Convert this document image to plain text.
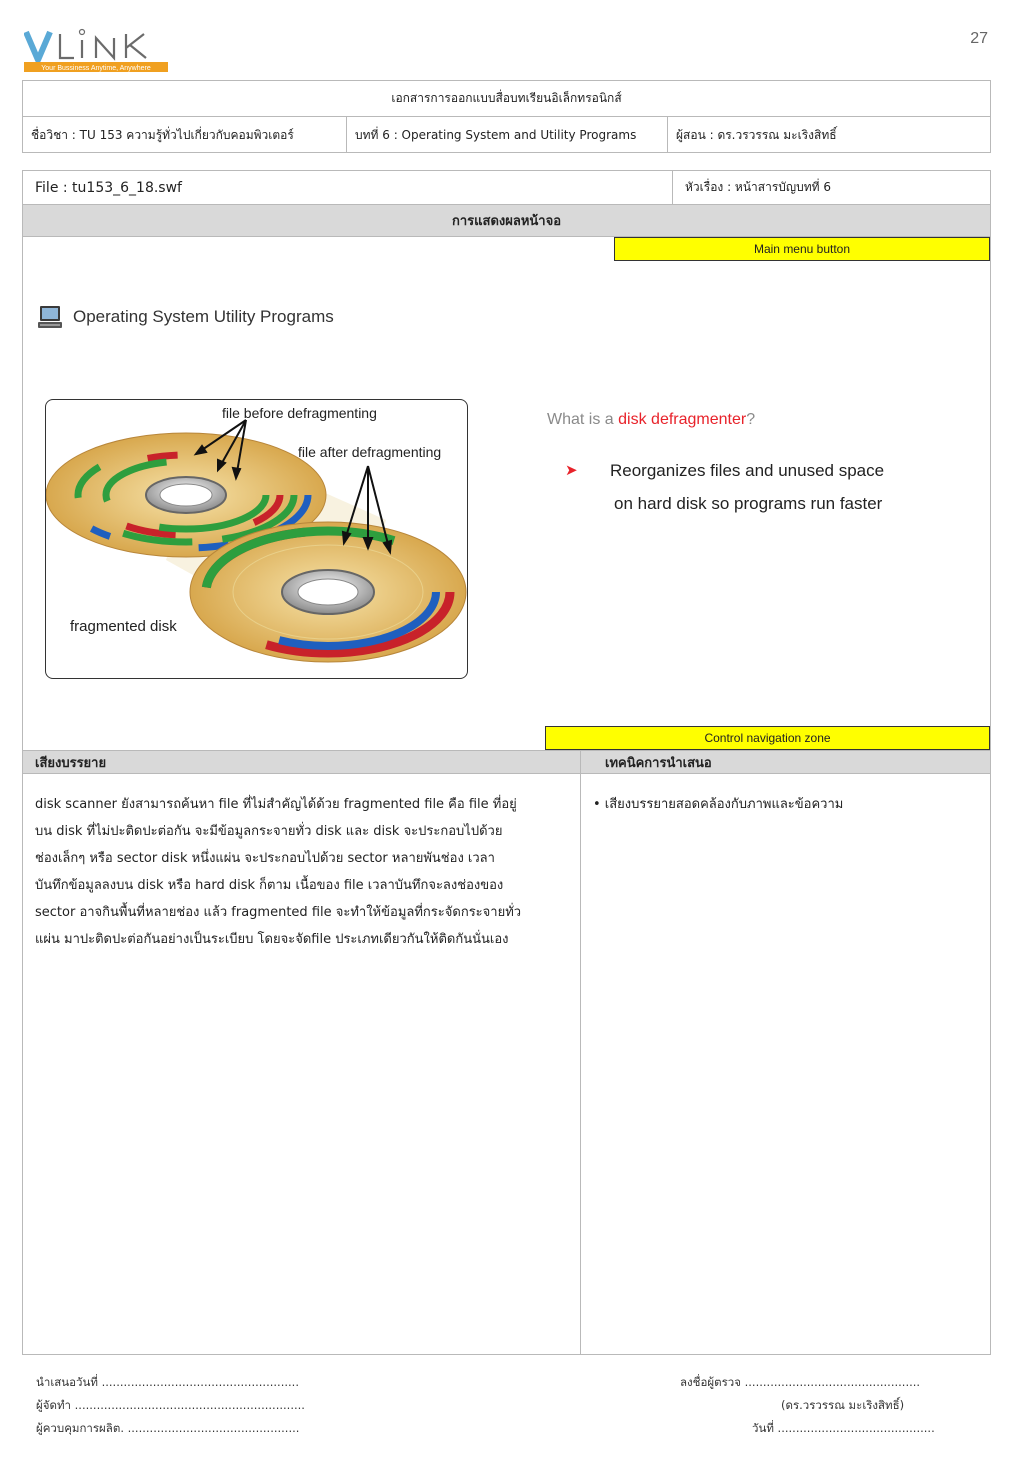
Your Bussiness Anytime, Anywhere
27
เอกสารการออกแบบสื่อบทเรียนอิเล็กทรอนิกส์
ชื่อวิชา : TU 153 ความรู้ทั่วไปเกี่ยวกับคอมพิวเตอร์	บทที่ 6 : Operating System and Utility Programs	ผู้สอน : ดร.วรวรรณ มะเริงสิทธิ์
File : tu153_6_18.swf	หัวเรื่อง : หน้าสารบัญบทที่ 6
การแสดงผลหน้าจอ
Main menu button
Operating System Utility Programs
file before defragmenting
file after defragmenting
fragmented disk
What is a disk defragmenter?
➤ Reorganizes files and unused space
on hard disk so programs run faster
Control navigation zone
เสียงบรรยาย	เทคนิคการนำเสนอ

disk scanner ยังสามารถค้นหา file ที่ไม่สำคัญได้ด้วย fragmented file คือ file ที่อยู่

บน disk ที่ไม่ปะติดปะต่อกัน จะมีข้อมูลกระจายทั่ว disk และ disk จะประกอบไปด้วย

ช่องเล็กๆ หรือ sector disk หนึ่งแผ่น จะประกอบไปด้วย sector หลายพันช่อง เวลา

บันทึกข้อมูลลงบน disk หรือ hard disk ก็ตาม เนื้อของ file เวลาบันทึกจะลงช่องของ

sector อาจกินพื้นที่หลายช่อง แล้ว fragmented file จะทำให้ข้อมูลที่กระจัดกระจายทั่ว

แผ่น มาปะติดปะต่อกันอย่างเป็นระเบียบ โดยจะจัดfile ประเภทเดียวกันให้ติดกันนั่นเอง

• เสียงบรรยายสอดคล้องกับภาพและข้อความ
นำเสนอวันที่ ......................................................
ผู้จัดทำ ...............................................................
ผู้ควบคุมการผลิต. ...............................................
ลงชื่อผู้ตรวจ ................................................
(ดร.วรวรรณ มะเริงสิทธิ์)
วันที่ ...........................................
